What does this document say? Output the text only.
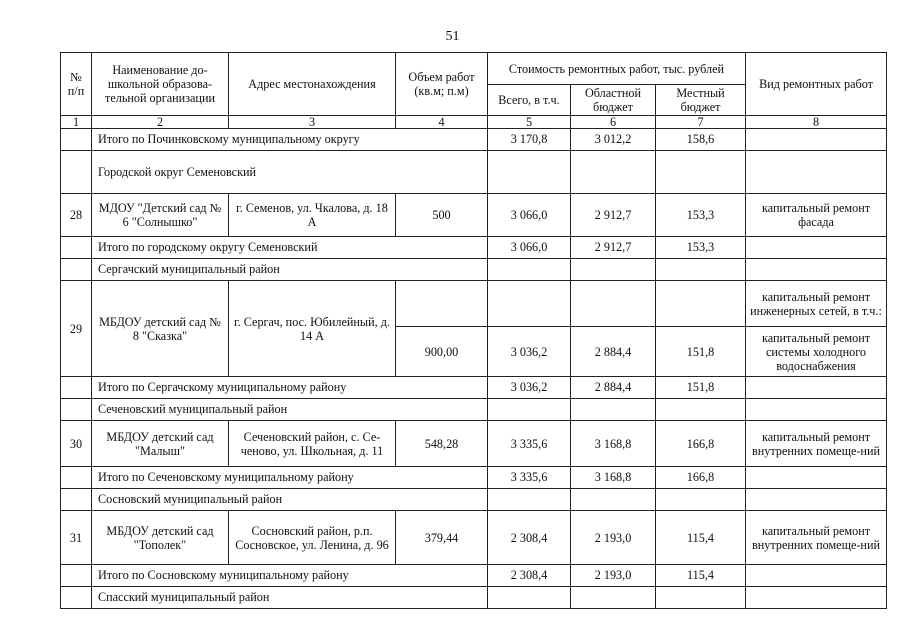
51
№ п/п	Наименование до-школьной образова-тельной организации	Адрес местонахождения	Объем работ (кв.м; п.м)	Стоимость ремонтных работ, тыс. рублей			Вид ремонтных работ
				Всего, в т.ч.	Областной бюджет	Местный бюджет	
1	2	3	4	5	6	7	8
	Итого по Починковскому муниципальному округу			3 170,8	3 012,2	158,6	
	Городской округ Семеновский						
28	МДОУ "Детский сад № 6 "Солнышко"	г. Семенов, ул. Чкалова, д. 18 А	500	3 066,0	2 912,7	153,3	капитальный ремонт фасада
	Итого по городскому округу Семеновский			3 066,0	2 912,7	153,3	
	Сергачский муниципальный район						
29	МБДОУ детский сад № 8 "Сказка"	г. Сергач, пос. Юбилейный, д. 14 А					капитальный ремонт инженерных сетей, в т.ч.:
			900,00	3 036,2	2 884,4	151,8	капитальный ремонт системы холодного водоснабжения
	Итого по Сергачскому муниципальному району			3 036,2	2 884,4	151,8	
	Сеченовский муниципальный район						
30	МБДОУ детский сад "Малыш"	Сеченовский район, с. Се-ченово, ул. Школьная, д. 11	548,28	3 335,6	3 168,8	166,8	капитальный ремонт внутренних помеще-ний
	Итого по Сеченовскому муниципальному району			3 335,6	3 168,8	166,8	
	Сосновский муниципальный район						
31	МБДОУ детский сад "Тополек"	Сосновский район, р.п. Сосновское, ул. Ленина, д. 96	379,44	2 308,4	2 193,0	115,4	капитальный ремонт внутренних помеще-ний
	Итого по Сосновскому муниципальному району			2 308,4	2 193,0	115,4	
	Спасский муниципальный район						
